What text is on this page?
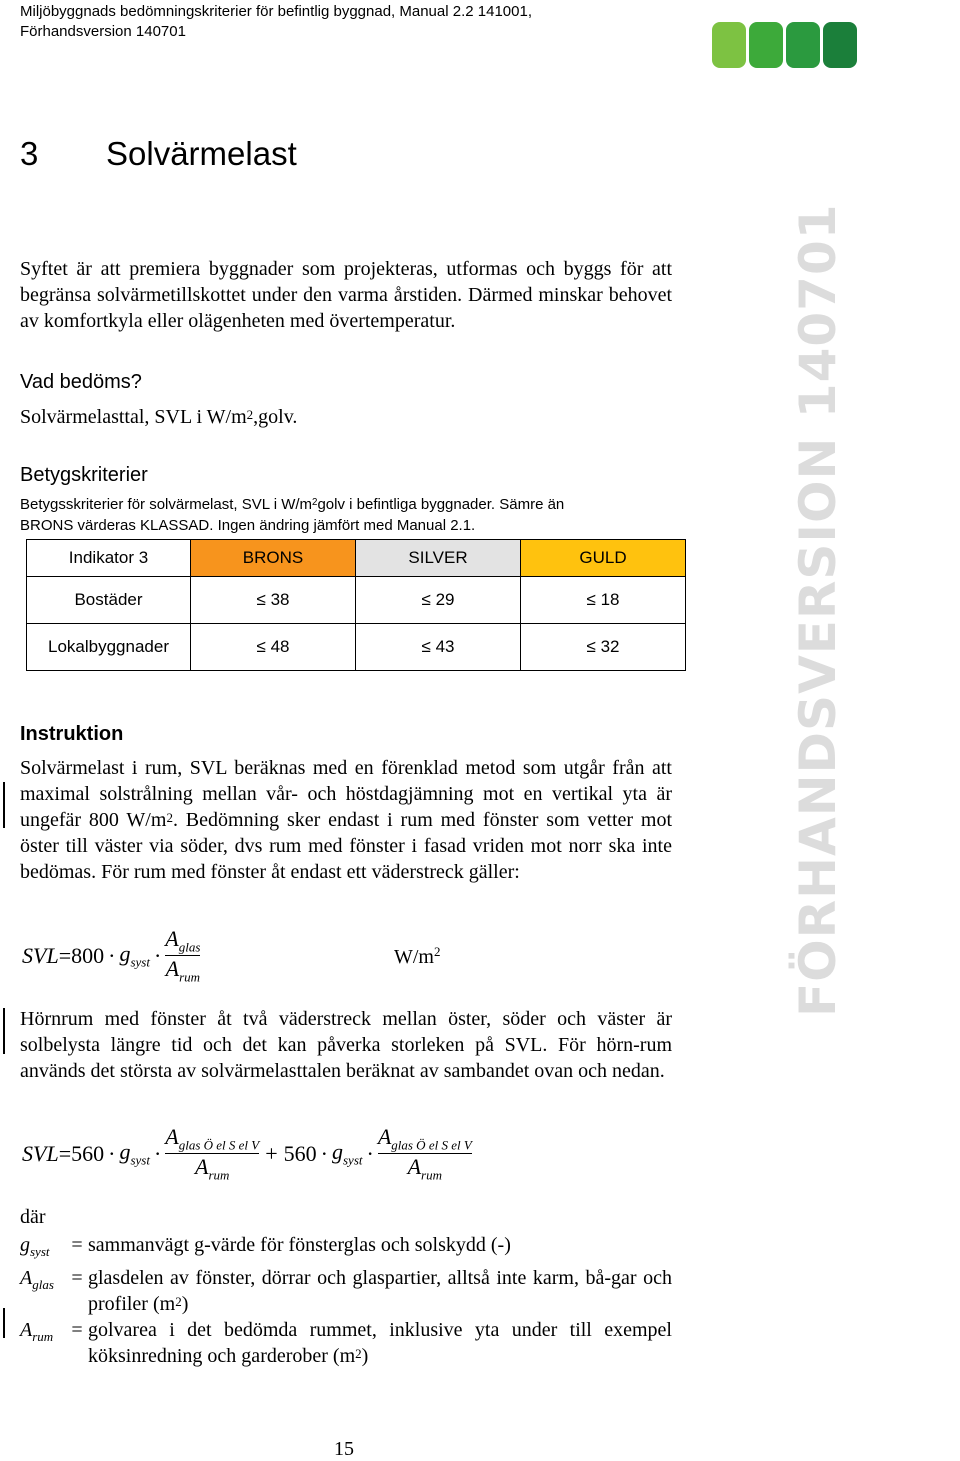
Miljöbyggnads bedömningskriterier för befintlig byggnad, Manual 2.2 141001,
Förhandsversion 140701
3 Solvärmelast
Syftet är att premiera byggnader som projekteras, utformas och byggs för att begränsa solvärmetillskottet under den varma årstiden. Därmed minskar behovet av komfortkyla eller olägenheten med övertemperatur.
Vad bedöms?
Solvärmelasttal, SVL i $W/m^2,golv$.
Betygskriterier
Betygsskriterier för solvärmelast, SVL i $W/m^2golv$ i befintliga byggnader. Sämre än
BRONS värderas KLASSAD. Ingen ändring jämfört med Manual 2.1.
Indikator 3	BRONS	SILVER	GULD
Bostäder	≤ 38	≤ 29	≤ 18
Lokalbyggnader	≤ 48	≤ 43	≤ 32
Instruktion
Solvärmelast i rum, SVL beräknas med en förenklad metod som utgår från att maximal solstrålning mellan vår- och höstdagjämning mot en vertikal yta är ungefär 800 $W/m^2$. Bedömning sker endast i rum med fönster som vetter mot öster till väster via söder, dvs rum med fönster i fasad vriden mot norr ska inte bedömas. För rum med fönster åt endast ett väderstreck gäller:
$SVL=800 \cdot g_{syst} \cdot \frac{A_{glas}}{A_{rum}}$	$W/m^2$
Hörnrum med fönster åt två väderstreck mellan öster, söder och väster är solbelysta längre tid och det kan påverka storleken på SVL. För hörn-rum används det största av solvärmelasttalen beräknat av sambandet ovan och nedan.
$SVL=560 \cdot g_{syst} \cdot \frac{A_{glas Ö el S el V}}{A_{rum}} + 560 \cdot g_{syst} \cdot \frac{A_{glas Ö el S el V}}{A_{rum}}$
där
$g_{syst}$	=	sammanvägt g-värde för fönsterglas och solskydd (-)
$A_{glas}$	=	glasdelen av fönster, dörrar och glaspartier, alltså inte karm, bå-gar och profiler $(m^2)$
$A_{rum}$	=	golvarea i det bedömda rummet, inklusive yta under till exempel köksinredning och garderober $(m^2)$
FÖRHANDSVERSION 140701
15
